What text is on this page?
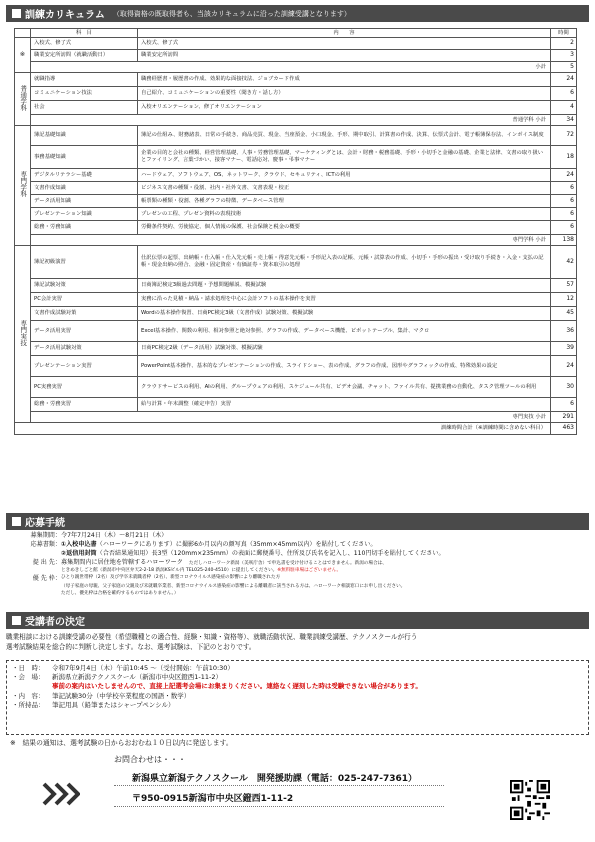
訓練カリキュラム （取得資格の既取得者も、当該カリキュラムに沿った訓練受講となります）
	科　目	内　　容	時間
※	入校式、修了式	入校式、修了式	2
	職業安定所訪問（就職活動日）	職業安定所訪問	3
	小計		5
普通学科	就職指導	職務経歴書・履歴書の作成、効果的な面接技法、ジョブカード作成	24
	コミュニケーション技法	自己紹介、コミュニケーションの重要性（聞き方・話し方）	6
	社会	入校オリエンテーション、修了オリエンテーション	4
	普通学科 小計		34
専門学科	簿記基礎知識	簿記の仕組み、財務諸表、日常の手続き、商品売買、現金、当座預金、小口現金、手形、期中取引、計算書の作成、決算、伝票式会計、電子帳簿保存法、インボイス制度	72
	事務基礎知識	企業の目的と会社の種類、経営管理基礎、人事・労務管理基礎、マーケティングとは、会計・財務・税務基礎、手形・小切手と金融の基礎、企業と法律、文書の取り扱いとファイリング、言葉づかい、接客マナー、電話応対、慶事・弔事マナー	18
	デジタルリテラシー基礎	ハードウェア、ソフトウェア、OS、ネットワーク、クラウド、セキュリティ、ICTの利用	24
	文書作成知識	ビジネス文書の種類・役割、社内・社外文書、文書表現・校正	6
	データ活用知識	帳票類の種類・役割、各種グラフの特徴、データベース管理	6
	プレゼンテーション知識	プレゼンの工程、プレゼン資料の表現技術	6
	総務・労務知識	労働条件契約、労使協定、個人情報の保護、社会保険と税金の概要	6
	専門学科 小計		138
専門実技	簿記初級演習	仕訳伝票の起票、出納帳・仕入帳・仕入先元帳・売上帳・得意先元帳・手形記入表の記帳、元帳・試算表の作成、小切手・手形の振出・受け取り手続き・入金・支払の記帳・現金出納の照合、金融・固定資産・有価証券・資本取引の処理	42
	簿記試験対策	日商簿記検定3級過去問題・予想問題解説、模擬試験	57
	PC会計実習	実務に沿った見積・納品・請求処理を中心に会計ソフトの基本操作を実習	12
	文書作成試験対策	Wordの基本操作復習、日商PC検定3級（文書作成）試験対策、模擬試験	45
	データ活用実習	Excel基本操作、関数の利用、相対参照と絶対参照、グラフの作成、データベース機能、ピボットテーブル、集計、マクロ	36
	データ活用試験対策	日商PC検定2級（データ活用）試験対策、模擬試験	39
	プレゼンテーション実習	PowerPoint基本操作、基本的なプレゼンテーションの作成、スライドショー、表の作成、グラフの作成、図形やグラフィックの作成、特殊効果の設定	24
	PC実務実習	クラウドサービスの利用、AIの利用、グループウェアの利用、スケジュール共有、ビデオ会議、チャット、ファイル共有、提携業務の自動化、タスク管理ツールの利用	30
	総務・労務実習	給与計算・年末調整（確定申告）実習	6
	専門実技 小計		291
訓練時間合計（※訓練時間に含めない科目）			463
応募手続
募集期間： 令7年7月24日（木）～8月21日（木）
応募書類： ①入校申込書（ハローワークにあります）に撮影6か月以内の顔写真（35mm×45mm以内）を貼付してください。
②返信用封筒（合否結果通知用）長3型（120mm×235mm）の表面に郵便番号、住所及び氏名を記入し、110円切手を貼付してください。
提 出 先： 募集期間内に居住地を管轄するハローワーク　 ただしハローワーク新潟（美咲庁舎）で申込書を受け付けることはできません。新潟の場合は、
ときめきしごと館（新潟市中央区弁天2-2-18 新潟KSビル内 TEL025-240-4510）に提出してください。 ※無料駐車場はございません。
優 先 枠： ひとり親世帯枠（2名）及び学卒未就職者枠（2名）、新型コロナウイルス感染症の影響により離職された方
（母子家庭の母親、父子家庭の父親及び未就職卒業者、新型コロナウイルス感染症の影響による離職者に該当される方は、ハローワーク相談窓口にお申し出ください。
ただし、優先枠は合格を確約するものではありません。）
受講者の決定
職業相談における訓練受講の必要性（希望職種との適合性、経験・知識・資格等）、就職活動状況、職業訓練受講歴、テクノスクールが行う
選考試験結果を総合的に判断し決定します。なお、選考試験は、下記のとおりです。
・日　時：	令和7年9月4日（木）午前10:45 ～（受付開始：午前10:30）
・会　場：	新潟県立新潟テクノスクール（新潟市中央区鐙西1-11-2）
事前の案内はいたしませんので、直接上記選考会場にお集まりください。連絡なく遅刻した時は受験できない場合があります。
・内　容：	筆記試験30分（中学校卒業程度の国語・数学）
・所持品：	筆記用具（鉛筆またはシャープペンシル）
※　結果の通知は、選考試験の日からおおむね１０日以内に発送します。
お問合わせは・・・
新潟県立新潟テクノスクール　開発援助課（電話：025-247-7361）
〒950-0915新潟市中央区鐙西1-11-2
